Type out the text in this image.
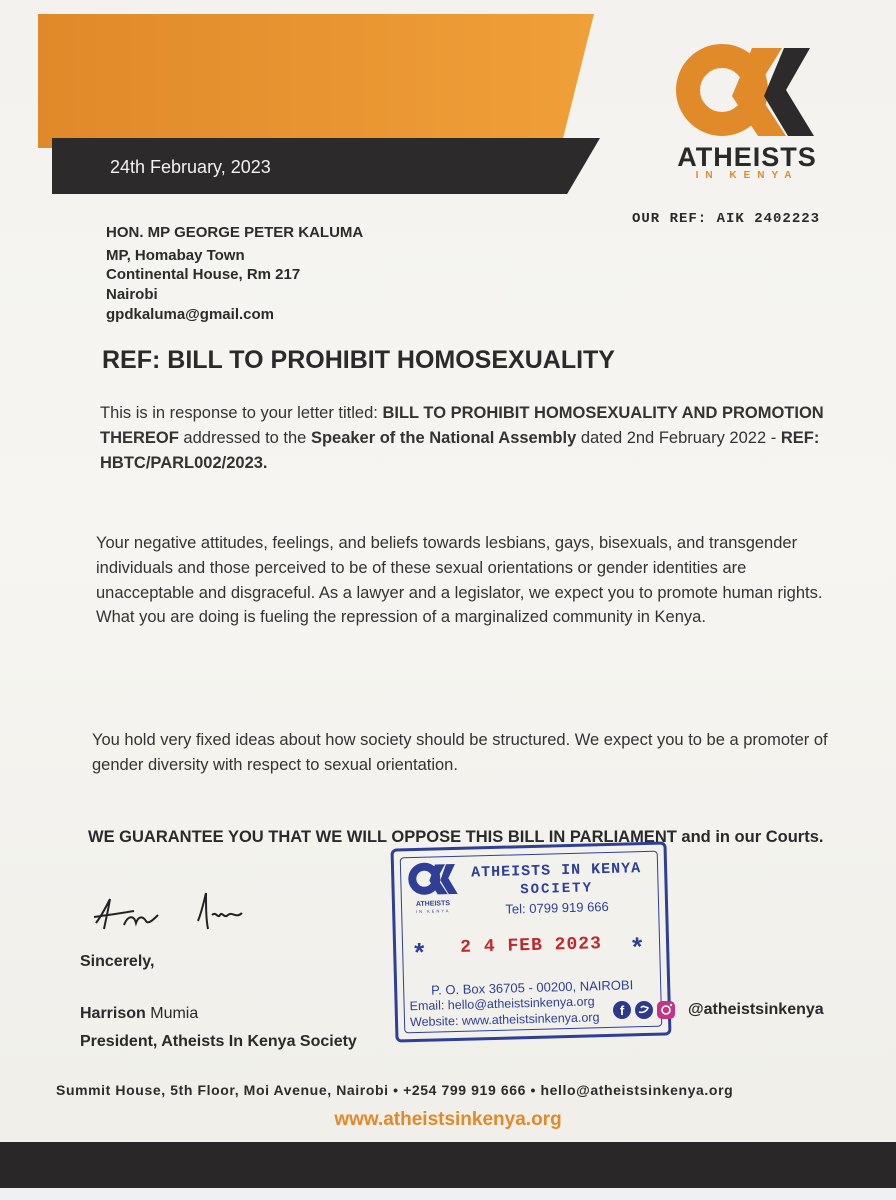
24th February, 2023	ATHEISTS
IN KENYA
OUR REF: AIK 2402223
HON. MP GEORGE PETER KALUMA
MP, Homabay Town
Continental House, Rm 217
Nairobi
gpdkaluma@gmail.com
REF: BILL TO PROHIBIT HOMOSEXUALITY
This is in response to your letter titled: BILL TO PROHIBIT HOMOSEXUALITY AND PROMOTION THEREOF addressed to the Speaker of the National Assembly dated 2nd February 2022 - REF: HBTC/PARL002/2023.
Your negative attitudes, feelings, and beliefs towards lesbians, gays, bisexuals, and transgender individuals and those perceived to be of these sexual orientations or gender identities are unacceptable and disgraceful. As a lawyer and a legislator, we expect you to promote human rights. What you are doing is fueling the repression of a marginalized community in Kenya.
You hold very fixed ideas about how society should be structured. We expect you to be a promoter of gender diversity with respect to sexual orientation.
WE GUARANTEE YOU THAT WE WILL OPPOSE THIS BILL IN PARLIAMENT and in our Courts.
Sincerely,
Harrison Mumia
President, Atheists In Kenya Society
ATHEISTS
IN KENYA
ATHEISTS IN KENYA
SOCIETY
Tel: 0799 919 666
*	2 4 FEB 2023	*
P. O. Box 36705 - 00200, NAIROBI
Email: hello@atheistsinkenya.org
Website: www.atheistsinkenya.org	f	@atheistsinkenya
Summit House, 5th Floor, Moi Avenue, Nairobi • +254 799 919 666 • hello@atheistsinkenya.org
www.atheistsinkenya.org
